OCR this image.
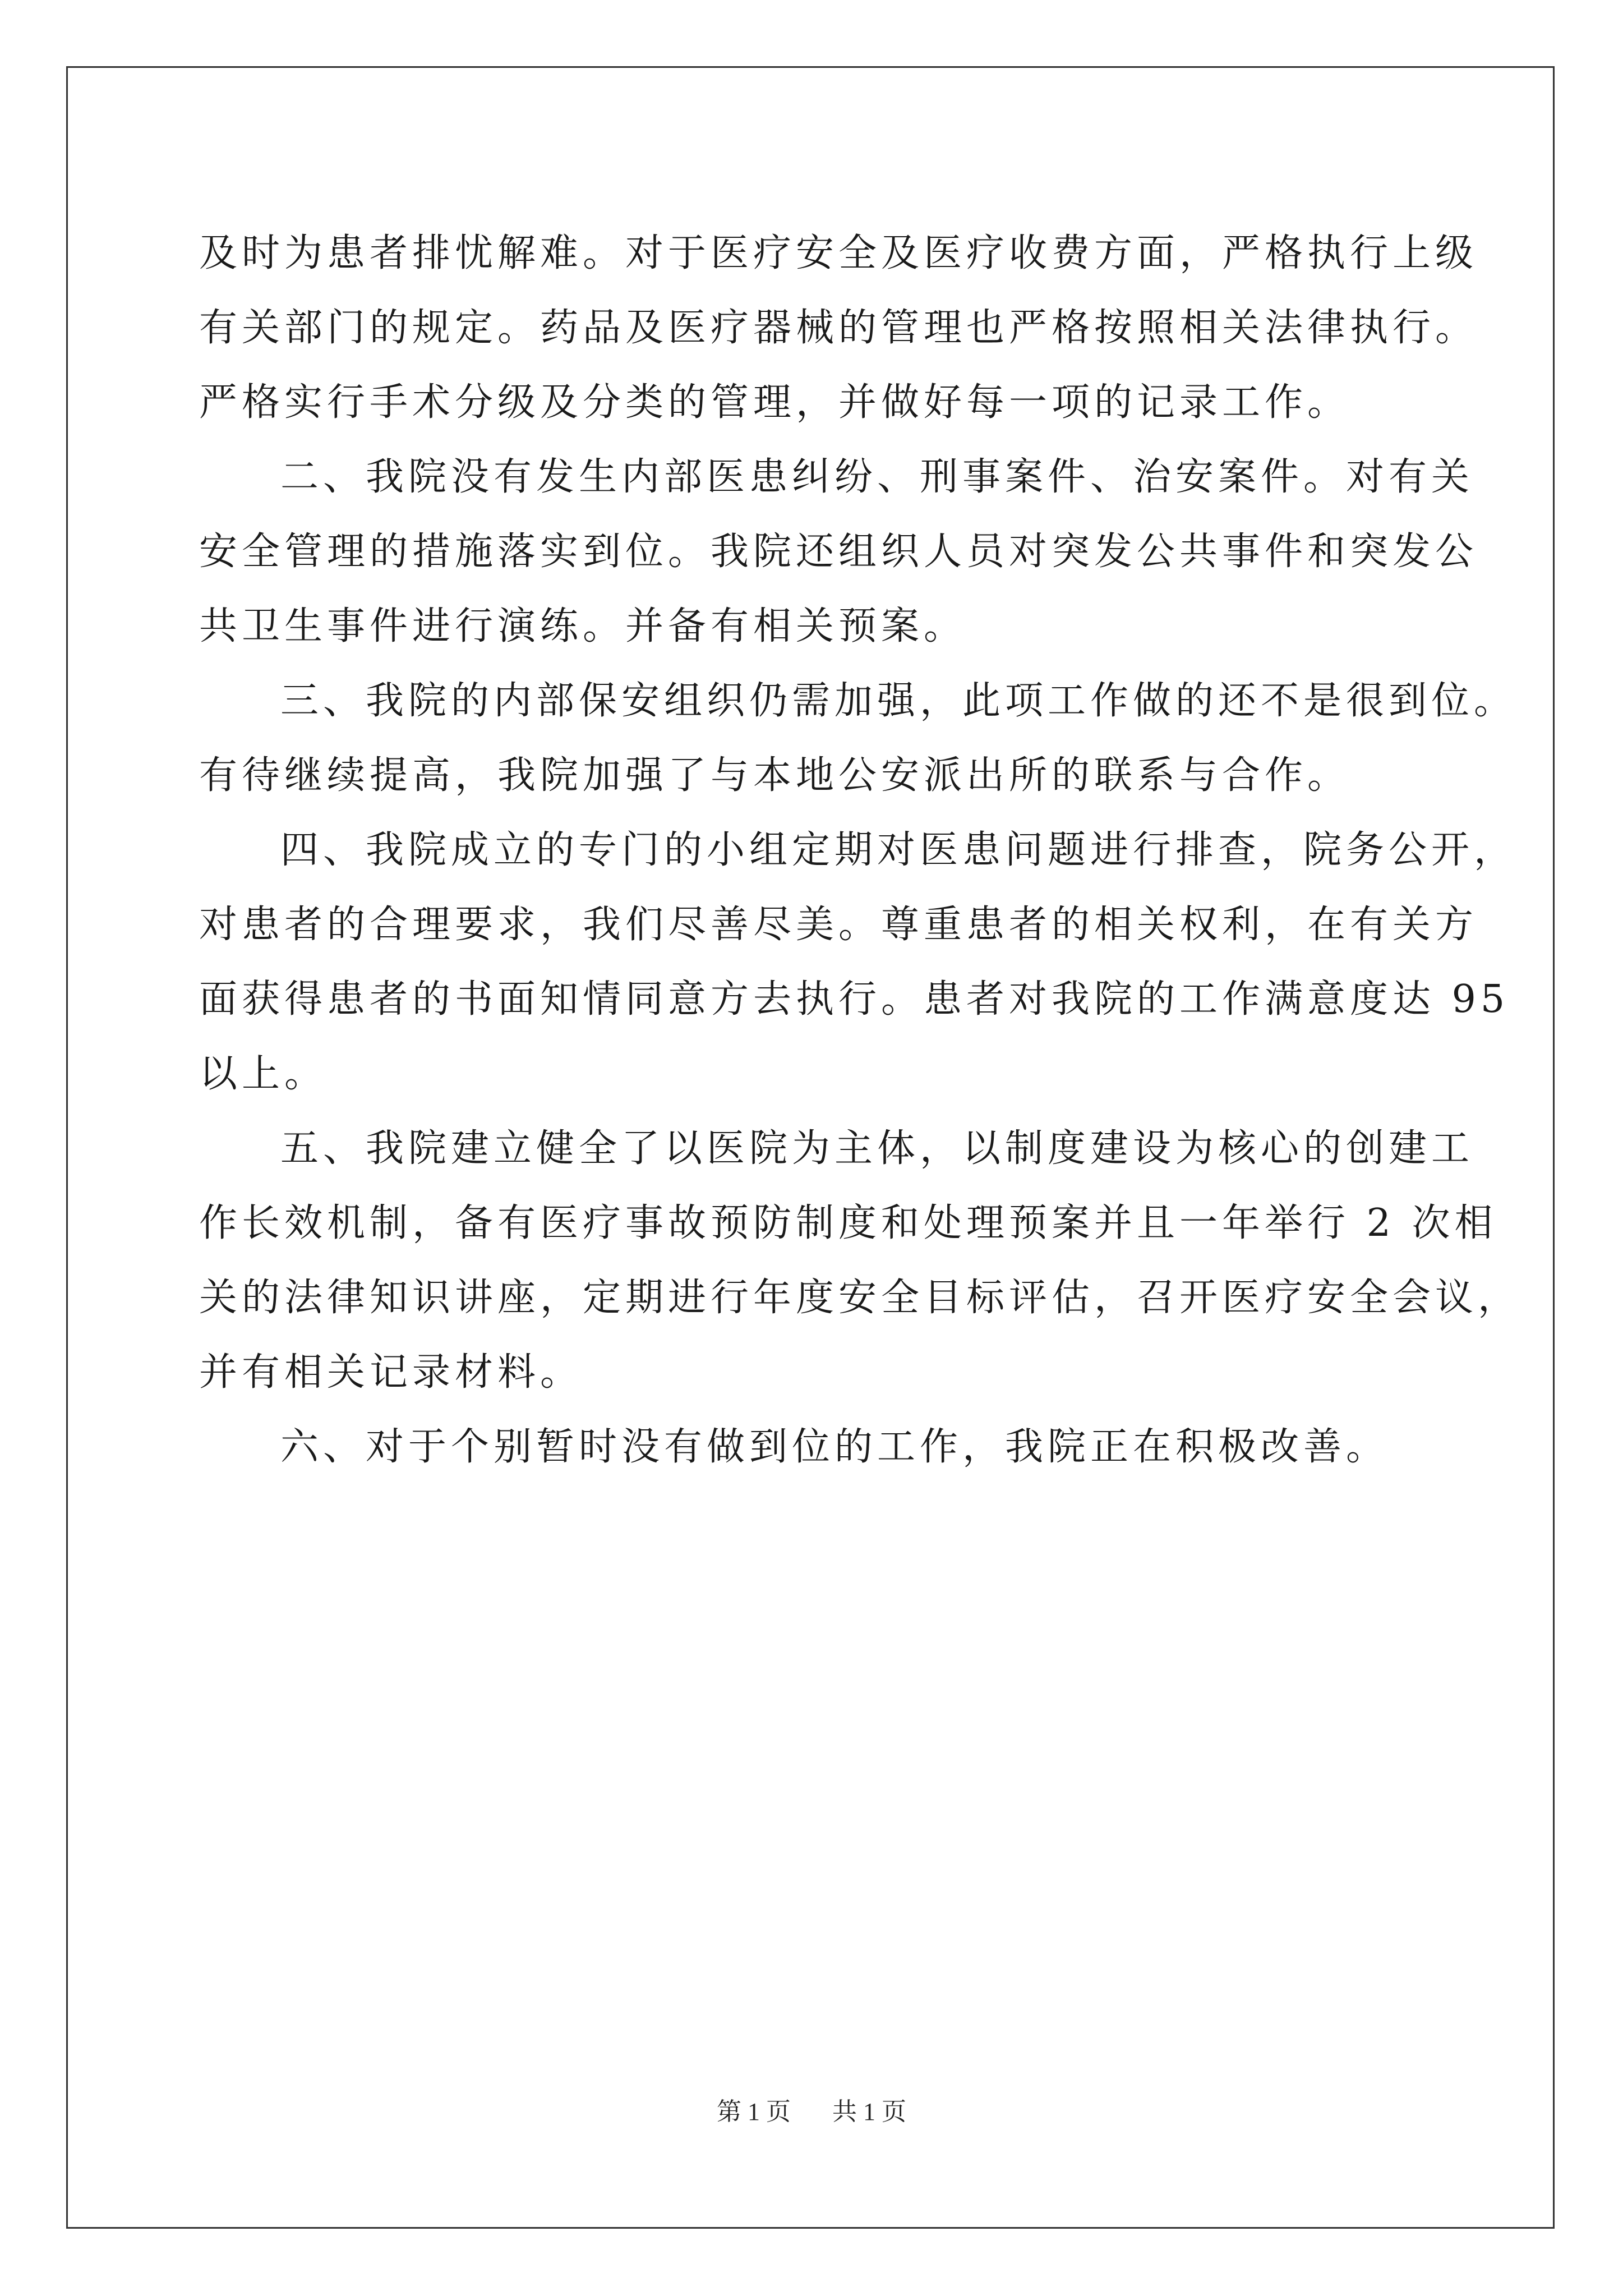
及时为患者排忧解难。对于医疗安全及医疗收费方面，严格执行上级
有关部门的规定。药品及医疗器械的管理也严格按照相关法律执行。
严格实行手术分级及分类的管理，并做好每一项的记录工作。
二、我院没有发生内部医患纠纷、刑事案件、治安案件。对有关
安全管理的措施落实到位。我院还组织人员对突发公共事件和突发公
共卫生事件进行演练。并备有相关预案。
三、我院的内部保安组织仍需加强，此项工作做的还不是很到位。
有待继续提高，我院加强了与本地公安派出所的联系与合作。
四、我院成立的专门的小组定期对医患问题进行排查，院务公开，
对患者的合理要求，我们尽善尽美。尊重患者的相关权利，在有关方
面获得患者的书面知情同意方去执行。患者对我院的工作满意度达 95
以上。
五、我院建立健全了以医院为主体，以制度建设为核心的创建工
作长效机制，备有医疗事故预防制度和处理预案并且一年举行 2 次相
关的法律知识讲座，定期进行年度安全目标评估，召开医疗安全会议，
并有相关记录材料。
六、对于个别暂时没有做到位的工作，我院正在积极改善。
第 1 页 共 1 页
